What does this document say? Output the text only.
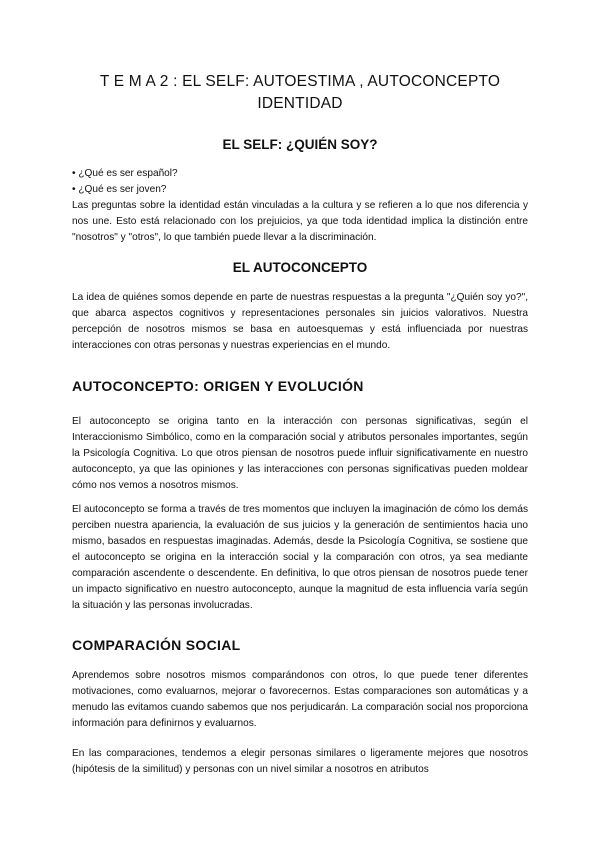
T E M A 2 : EL SELF: AUTOESTIMA , AUTOCONCEPTO
IDENTIDAD
EL SELF: ¿QUIÉN SOY?
• ¿Qué es ser español?
• ¿Qué es ser joven?

Las preguntas sobre la identidad están vinculadas a la cultura y se refieren a lo que nos diferencia y nos une. Esto está relacionado con los prejuicios, ya que toda identidad implica la distinción entre "nosotros" y "otros", lo que también puede llevar a la discriminación.

EL AUTOCONCEPTO

La idea de quiénes somos depende en parte de nuestras respuestas a la pregunta "¿Quién soy yo?", que abarca aspectos cognitivos y representaciones personales sin juicios valorativos. Nuestra percepción de nosotros mismos se basa en autoesquemas y está influenciada por nuestras interacciones con otras personas y nuestras experiencias en el mundo.

AUTOCONCEPTO: ORIGEN Y EVOLUCIÓN

El autoconcepto se origina tanto en la interacción con personas significativas, según el Interaccionismo Simbólico, como en la comparación social y atributos personales importantes, según la Psicología Cognitiva. Lo que otros piensan de nosotros puede influir significativamente en nuestro autoconcepto, ya que las opiniones y las interacciones con personas significativas pueden moldear cómo nos vemos a nosotros mismos.

El autoconcepto se forma a través de tres momentos que incluyen la imaginación de cómo los demás perciben nuestra apariencia, la evaluación de sus juicios y la generación de sentimientos hacia uno mismo, basados en respuestas imaginadas. Además, desde la Psicología Cognitiva, se sostiene que el autoconcepto se origina en la interacción social y la comparación con otros, ya sea mediante comparación ascendente o descendente. En definitiva, lo que otros piensan de nosotros puede tener un impacto significativo en nuestro autoconcepto, aunque la magnitud de esta influencia varía según la situación y las personas involucradas.

COMPARACIÓN SOCIAL

Aprendemos sobre nosotros mismos comparándonos con otros, lo que puede tener diferentes motivaciones, como evaluarnos, mejorar o favorecernos. Estas comparaciones son automáticas y a menudo las evitamos cuando sabemos que nos perjudicarán. La comparación social nos proporciona información para definirnos y evaluarnos.

En las comparaciones, tendemos a elegir personas similares o ligeramente mejores que nosotros (hipótesis de la similitud) y personas con un nivel similar a nosotros en atributos
